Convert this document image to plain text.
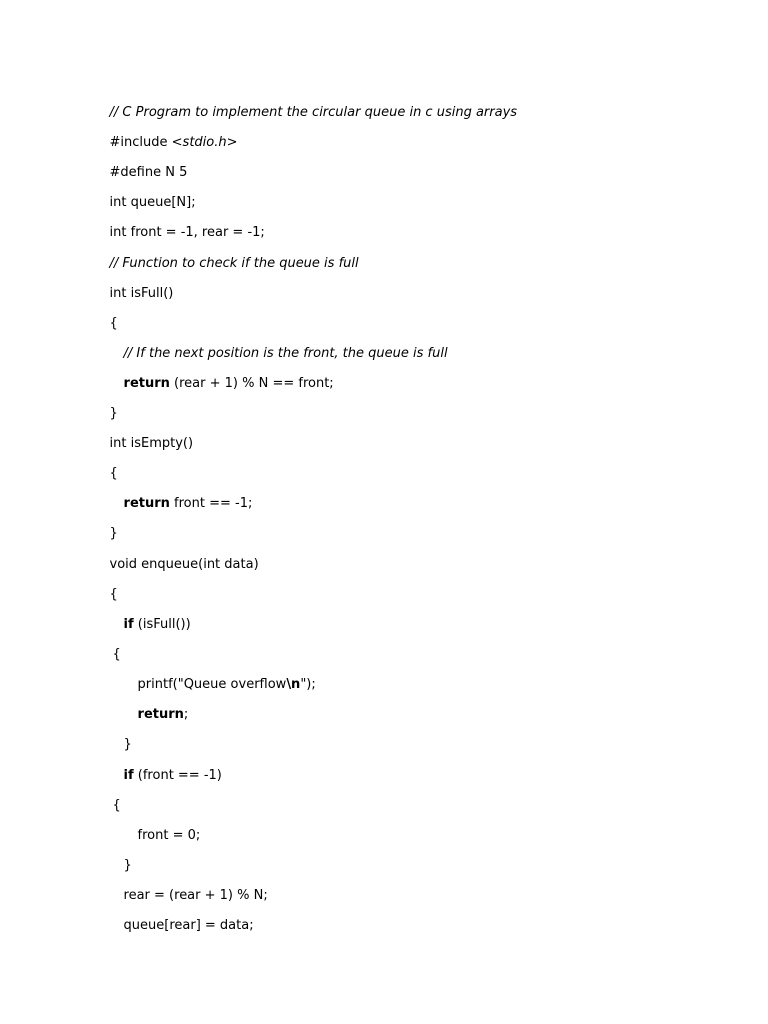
// C Program to implement the circular queue in c using arrays

#include <stdio.h>

#define N 5

int queue[N];

int front = -1, rear = -1;

// Function to check if the queue is full

int isFull()

{

// If the next position is the front, the queue is full

return (rear + 1) % N == front;

}

int isEmpty()

{

return front == -1;

}

void enqueue(int data)

{

if (isFull())

{

printf("Queue overflow\n");

return;

}

if (front == -1)

{

front = 0;

}

rear = (rear + 1) % N;

queue[rear] = data;
